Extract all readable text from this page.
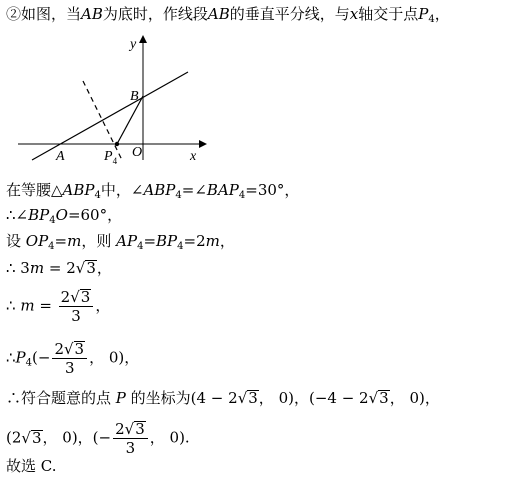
②如图，当AB为底时，作线段AB的垂直平分线，与x轴交于点$P_4$，
y
x
B
A	$P_4$
O
在等腰$\triangle ABP_4$中，$\angle ABP_4=\angle BAP_4=30^\circ$，
$\therefore\angle BP_4O=60^\circ$，
设 $OP_4=m$，则 $AP_4=BP_4=2m$，
∴ 3m = 2√3，
∴ $m = \frac{2√3}{3}$ ，
$\therefore P_4(- \frac{2√3}{3}$ ， 0)，
∴符合题意的点 P 的坐标为(4 − 2√3， 0)，(−4 − 2√3， 0)，
(2√3， 0)，(− $\frac{2√3}{3}$ ， 0).
故选 C.
